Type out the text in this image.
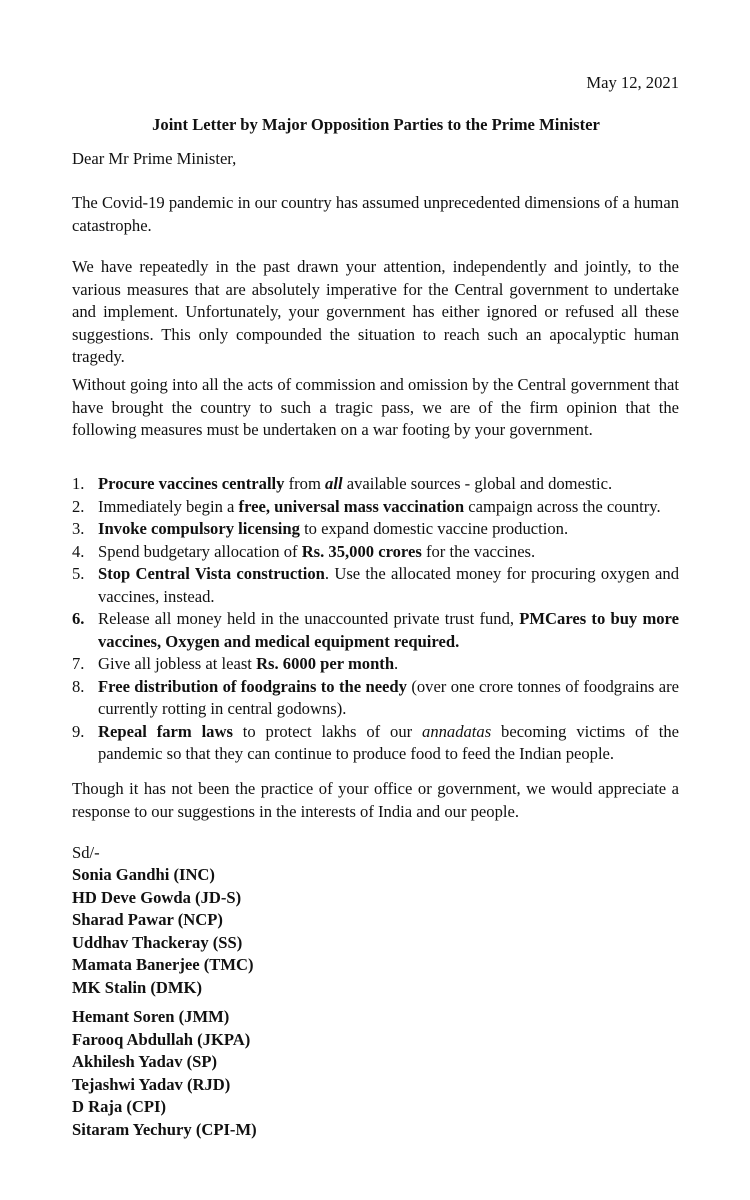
May 12, 2021
Joint Letter by Major Opposition Parties to the Prime Minister
Dear Mr Prime Minister,

The Covid-19 pandemic in our country has assumed unprecedented dimensions of a human catastrophe.

We have repeatedly in the past drawn your attention, independently and jointly, to the various measures that are absolutely imperative for the Central government to undertake and implement. Unfortunately, your government has either ignored or refused all these suggestions. This only compounded the situation to reach such an apocalyptic human tragedy.

Without going into all the acts of commission and omission by the Central government that have brought the country to such a tragic pass, we are of the firm opinion that the following measures must be undertaken on a war footing by your government.

1. Procure vaccines centrally from all available sources - global and domestic.
2. Immediately begin a free, universal mass vaccination campaign across the country.
3. Invoke compulsory licensing to expand domestic vaccine production.
4. Spend budgetary allocation of Rs. 35,000 crores for the vaccines.
5. Stop Central Vista construction. Use the allocated money for procuring oxygen and vaccines, instead.
6. Release all money held in the unaccounted private trust fund, PMCares to buy more vaccines, Oxygen and medical equipment required.
7. Give all jobless at least Rs. 6000 per month.
8. Free distribution of foodgrains to the needy (over one crore tonnes of foodgrains are currently rotting in central godowns).
9. Repeal farm laws to protect lakhs of our annadatas becoming victims of the pandemic so that they can continue to produce food to feed the Indian people.

Though it has not been the practice of your office or government, we would appreciate a response to our suggestions in the interests of India and our people.

Sd/-
Sonia Gandhi (INC)
HD Deve Gowda (JD-S)
Sharad Pawar (NCP)
Uddhav Thackeray (SS)
Mamata Banerjee (TMC)
MK Stalin (DMK)
Hemant Soren (JMM)
Farooq Abdullah (JKPA)
Akhilesh Yadav (SP)
Tejashwi Yadav (RJD)
D Raja (CPI)
Sitaram Yechury (CPI-M)
